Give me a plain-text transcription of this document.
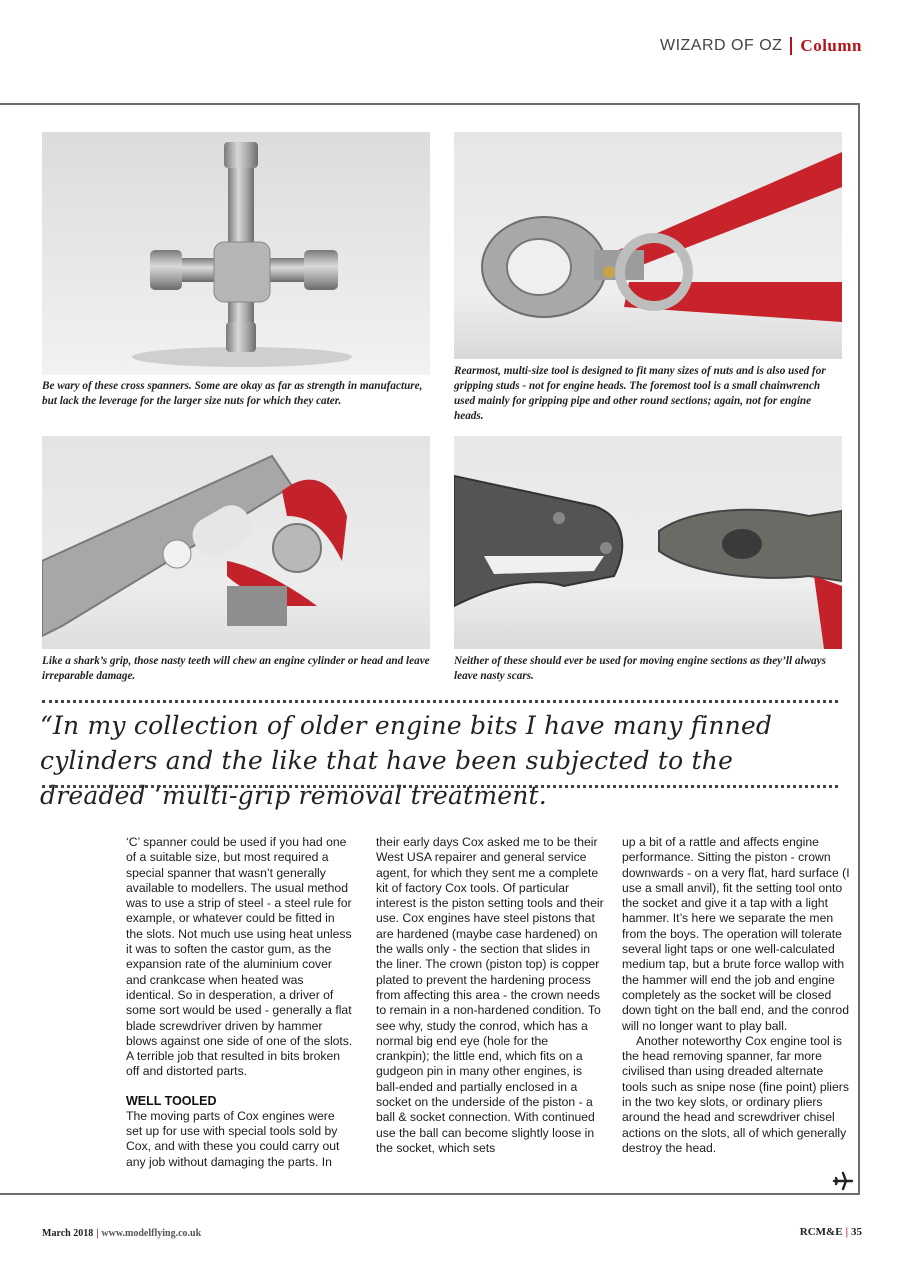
WIZARD OF OZ Column
Be wary of these cross spanners. Some are okay as far as strength in manufacture, but lack the leverage for the larger size nuts for which they cater.
Rearmost, multi-size tool is designed to fit many sizes of nuts and is also used for gripping studs - not for engine heads. The foremost tool is a small chainwrench used mainly for gripping pipe and other round sections; again, not for engine heads.
Like a shark’s grip, those nasty teeth will chew an engine cylinder or head and leave irreparable damage.
Neither of these should ever be used for moving engine sections as they’ll always leave nasty scars.
“In my collection of older engine bits I have many finned cylinders and the like that have been subjected to the dreaded ‘multi-grip removal treatment.

‘C’ spanner could be used if you had one of a suitable size, but most required a special spanner that wasn’t generally available to modellers. The usual method was to use a strip of steel - a steel rule for example, or whatever could be fitted in the slots. Not much use using heat unless it was to soften the castor gum, as the expansion rate of the aluminium cover and crankcase when heated was identical. So in desperation, a driver of some sort would be used - generally a flat blade screwdriver driven by hammer blows against one side of one of the slots. A terrible job that resulted in bits broken off and distorted parts.

WELL TOOLED

The moving parts of Cox engines were set up for use with special tools sold by Cox, and with these you could carry out any job without damaging the parts. In

their early days Cox asked me to be their West USA repairer and general service agent, for which they sent me a complete kit of factory Cox tools. Of particular interest is the piston setting tools and their use. Cox engines have steel pistons that are hardened (maybe case hardened) on the walls only - the section that slides in the liner. The crown (piston top) is copper plated to prevent the hardening process from affecting this area - the crown needs to remain in a non-hardened condition. To see why, study the conrod, which has a normal big end eye (hole for the crankpin); the little end, which fits on a gudgeon pin in many other engines, is ball-ended and partially enclosed in a socket on the underside of the piston - a ball & socket connection. With continued use the ball can become slightly loose in the socket, which sets

up a bit of a rattle and affects engine performance. Sitting the piston - crown downwards - on a very flat, hard surface (I use a small anvil), fit the setting tool onto the socket and give it a tap with a light hammer. It’s here we separate the men from the boys. The operation will tolerate several light taps or one well-calculated medium tap, but a brute force wallop with the hammer will end the job and engine completely as the socket will be closed down tight on the ball end, and the conrod will no longer want to play ball.

Another noteworthy Cox engine tool is the head removing spanner, far more civilised than using dreaded alternate tools such as snipe nose (fine point) pliers in the two key slots, or ordinary pliers around the head and screwdriver chisel actions on the slots, all of which generally destroy the head.

March 2018 | www.modelflying.co.uk	RCM&E | 35
